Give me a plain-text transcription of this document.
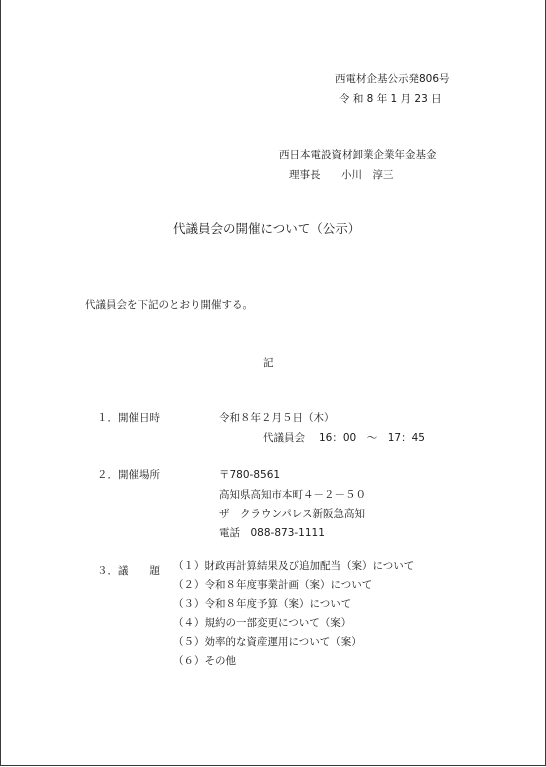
西電材企基公示発806号
令 和 8 年 1 月 23 日
西日本電設資材卸業企業年金基金
理事長 小川　淳三
代議員会の開催について（公示）
代議員会を下記のとおり開催する。
記
１．開催日時	令和８年２月５日（木）
代議員会 16：00　～　17：45
２．開催場所	〒780-8561
高知県高知市本町４－２－５０
ザ　クラウンパレス新阪急高知
電話　088-873-1111
３．議　　題 （１）財政再計算結果及び追加配当（案）について
（２）令和８年度事業計画（案）について
（３）令和８年度予算（案）について
（４）規約の一部変更について（案）
（５）効率的な資産運用について（案）
（６）その他
